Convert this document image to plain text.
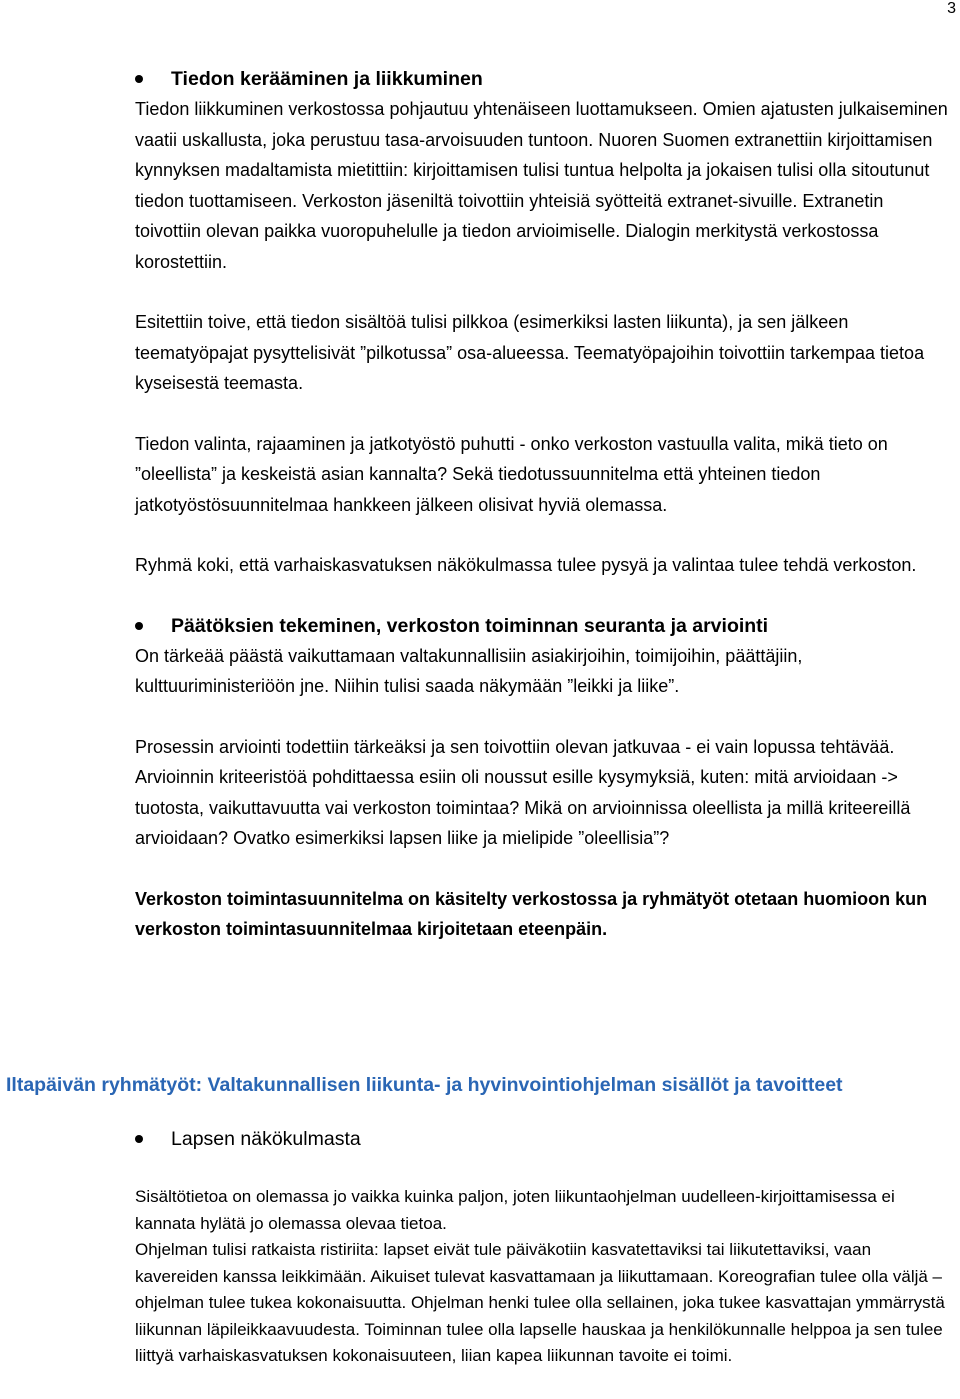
3
Tiedon kerääminen ja liikkuminen

Tiedon liikkuminen verkostossa pohjautuu yhtenäiseen luottamukseen. Omien ajatusten julkaiseminen vaatii uskallusta, joka perustuu tasa-arvoisuuden tuntoon. Nuoren Suomen extranettiin kirjoittamisen kynnyksen madaltamista mietittiin: kirjoittamisen tulisi tuntua helpolta ja jokaisen tulisi olla sitoutunut tiedon tuottamiseen. Verkoston jäseniltä toivottiin yhteisiä syötteitä extranet-sivuille. Extranetin toivottiin olevan paikka vuoropuhelulle ja tiedon arvioimiselle. Dialogin merkitystä verkostossa korostettiin.

Esitettiin toive, että tiedon sisältöä tulisi pilkkoa (esimerkiksi lasten liikunta), ja sen jälkeen teematyöpajat pysyttelisivät ”pilkotussa” osa-alueessa. Teematyöpajoihin toivottiin tarkempaa tietoa kyseisestä teemasta.

Tiedon valinta, rajaaminen ja jatkotyöstö puhutti - onko verkoston vastuulla valita, mikä tieto on ”oleellista” ja keskeistä asian kannalta? Sekä tiedotussuunnitelma että yhteinen tiedon jatkotyöstösuunnitelmaa hankkeen jälkeen olisivat hyviä olemassa.

Ryhmä koki, että varhaiskasvatuksen näkökulmassa tulee pysyä ja valintaa tulee tehdä verkoston.

Päätöksien tekeminen, verkoston toiminnan seuranta ja arviointi

On tärkeää päästä vaikuttamaan valtakunnallisiin asiakirjoihin, toimijoihin, päättäjiin, kulttuuriministeriöön jne. Niihin tulisi saada näkymään ”leikki ja liike”.

Prosessin arviointi todettiin tärkeäksi ja sen toivottiin olevan jatkuvaa - ei vain lopussa tehtävää. Arvioinnin kriteeristöä pohdittaessa esiin oli noussut esille kysymyksiä, kuten: mitä arvioidaan -> tuotosta, vaikuttavuutta vai verkoston toimintaa? Mikä on arvioinnissa oleellista ja millä kriteereillä arvioidaan? Ovatko esimerkiksi lapsen liike ja mielipide ”oleellisia”?

Verkoston toimintasuunnitelma on käsitelty verkostossa ja ryhmätyöt otetaan huomioon kun verkoston toimintasuunnitelmaa kirjoitetaan eteenpäin.

Iltapäivän ryhmätyöt: Valtakunnallisen liikunta- ja hyvinvointiohjelman sisällöt ja tavoitteet
Lapsen näkökulmasta

Sisältötietoa on olemassa jo vaikka kuinka paljon, joten liikuntaohjelman uudelleen-kirjoittamisessa ei kannata hylätä jo olemassa olevaa tietoa.

Ohjelman tulisi ratkaista ristiriita: lapset eivät tule päiväkotiin kasvatettaviksi tai liikutettaviksi, vaan kavereiden kanssa leikkimään. Aikuiset tulevat kasvattamaan ja liikuttamaan. Koreografian tulee olla väljä – ohjelman tulee tukea kokonaisuutta. Ohjelman henki tulee olla sellainen, joka tukee kasvattajan ymmärrystä liikunnan läpileikkaavuudesta. Toiminnan tulee olla lapselle hauskaa ja henkilökunnalle helppoa ja sen tulee liittyä varhaiskasvatuksen kokonaisuuteen, liian kapea liikunnan tavoite ei toimi.
